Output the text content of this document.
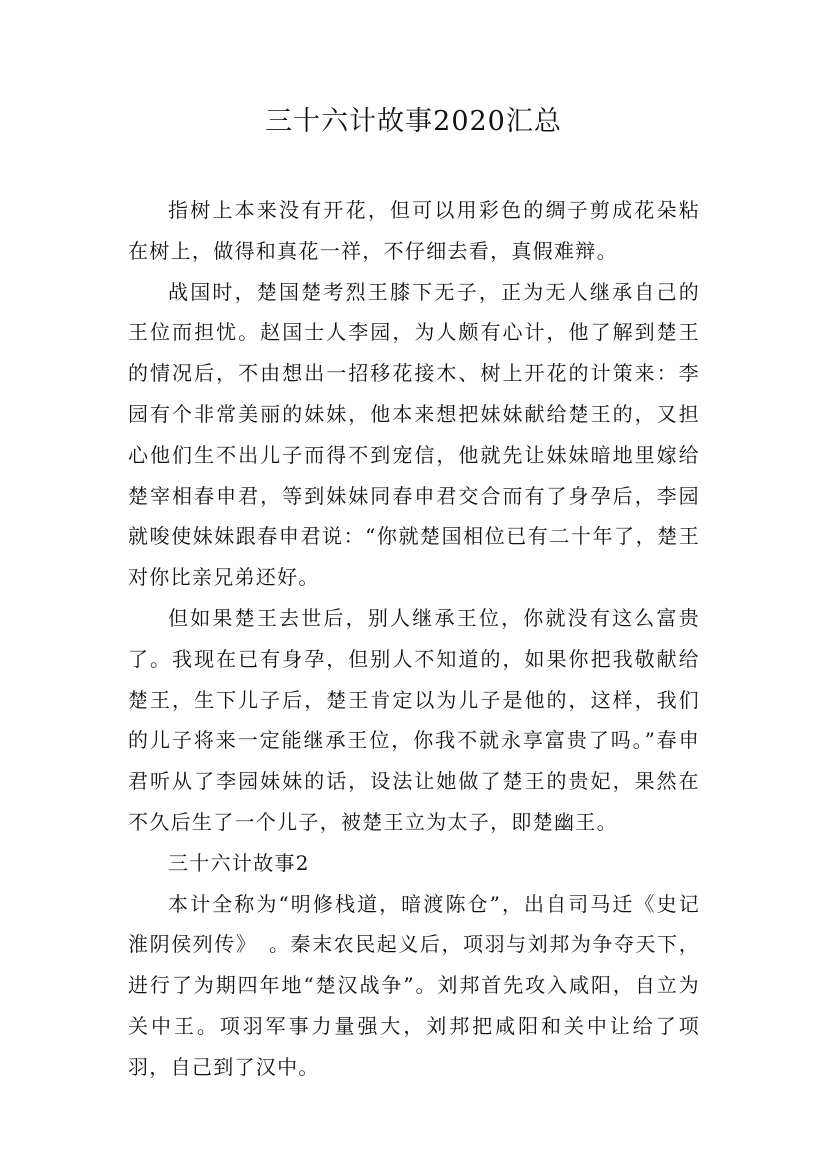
三十六计故事2020汇总

指树上本来没有开花，但可以用彩色的绸子剪成花朵粘在树上，做得和真花一祥，不仔细去看，真假难辩。

战国时，楚国楚考烈王膝下无子，正为无人继承自己的王位而担忧。赵国士人李园，为人颇有心计，他了解到楚王的情况后，不由想出一招移花接木、树上开花的计策来：李园有个非常美丽的妹妹，他本来想把妹妹献给楚王的，又担心他们生不出儿子而得不到宠信，他就先让妹妹暗地里嫁给楚宰相春申君，等到妹妹同春申君交合而有了身孕后，李园就唆使妹妹跟春申君说：“你就楚国相位已有二十年了，楚王对你比亲兄弟还好。

但如果楚王去世后，别人继承王位，你就没有这么富贵了。我现在已有身孕，但别人不知道的，如果你把我敬献给楚王，生下儿子后，楚王肯定以为儿子是他的，这样，我们的儿子将来一定能继承王位，你我不就永享富贵了吗。”春申君听从了李园妹妹的话，设法让她做了楚王的贵妃，果然在不久后生了一个儿子，被楚王立为太子，即楚幽王。

三十六计故事2

本计全称为“明修栈道，暗渡陈仓”，出自司马迁《史记淮阴侯列传》　。秦末农民起义后，项羽与刘邦为争夺天下，进行了为期四年地“楚汉战争”。刘邦首先攻入咸阳，自立为关中王。项羽军事力量强大，刘邦把咸阳和关中让给了项羽，自己到了汉中。
